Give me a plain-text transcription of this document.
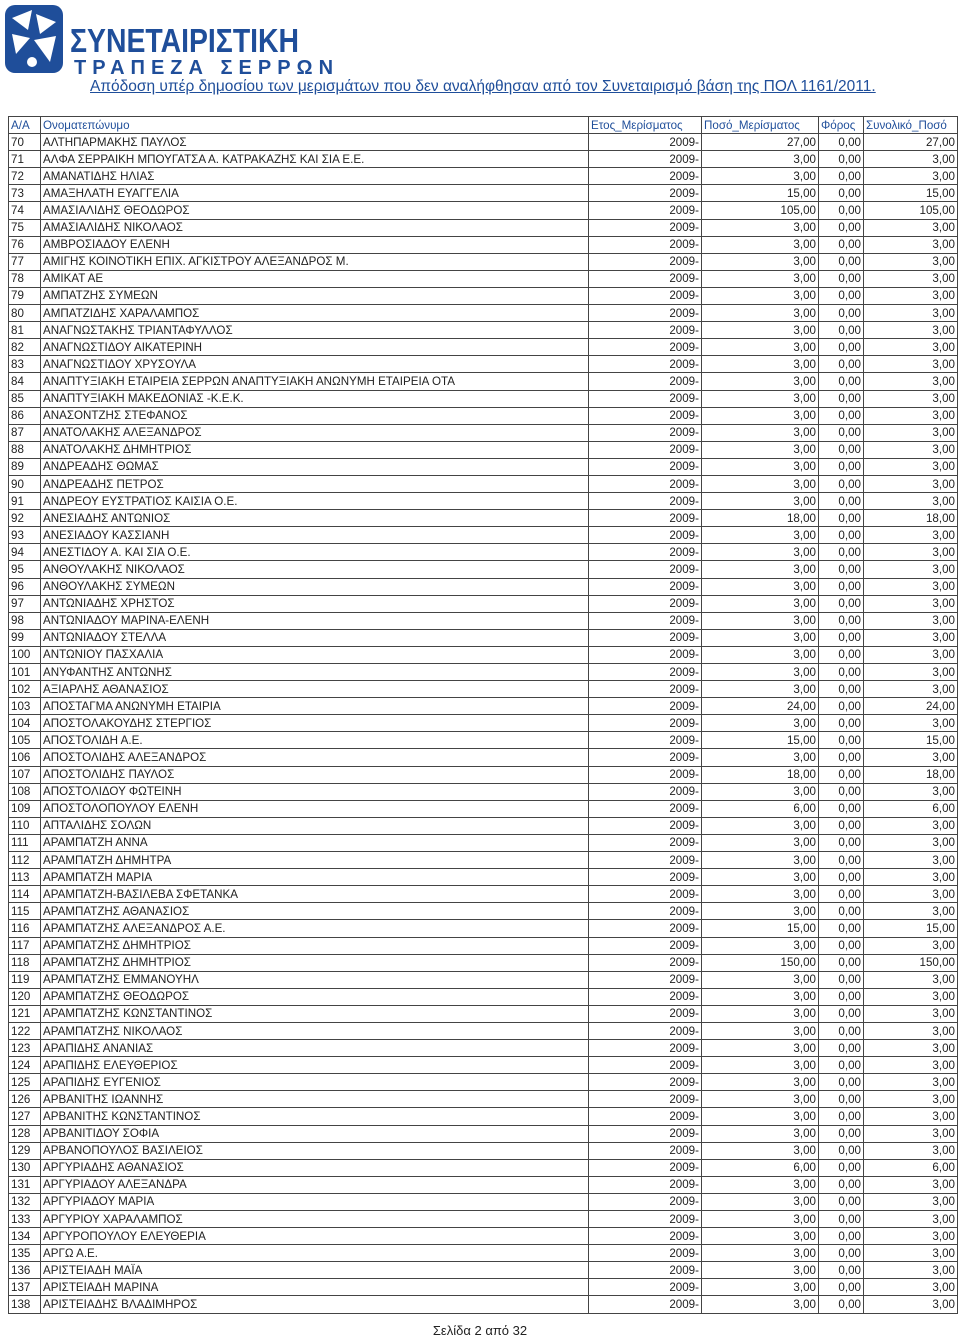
ΣΥΝΕΤΑΙΡΙΣΤΙΚΗ
ΤΡΑΠΕΖΑ ΣΕΡΡΩΝ
Απόδοση υπέρ δημοσίου των μερισμάτων που δεν αναλήφθησαν από τον Συνεταιρισμό βάση της ΠΟΛ 1161/2011.
Α/Α	Ονοματεπώνυμο	Ετος_Μερίσματος	Ποσό_Μερίσματος	Φόρος	Συνολικό_Ποσό
70	ΑΛΤΗΠΑΡΜΑΚΗΣ ΠΑΥΛΟΣ	2009-	27,00	0,00	27,00
71	ΑΛΦΑ ΣΕΡΡΑΙΚΗ ΜΠΟΥΓΑΤΣΑ Α. ΚΑΤΡΑΚΑΖΗΣ ΚΑΙ ΣΙΑ Ε.Ε.	2009-	3,00	0,00	3,00
72	ΑΜΑΝΑΤΙΔΗΣ ΗΛΙΑΣ	2009-	3,00	0,00	3,00
73	ΑΜΑΞΗΛΑΤΗ ΕΥΑΓΓΕΛΙΑ	2009-	15,00	0,00	15,00
74	ΑΜΑΣΙΑΛΙΔΗΣ ΘΕΟΔΩΡΟΣ	2009-	105,00	0,00	105,00
75	ΑΜΑΣΙΑΛΙΔΗΣ ΝΙΚΟΛΑΟΣ	2009-	3,00	0,00	3,00
76	ΑΜΒΡΟΣΙΑΔΟΥ ΕΛΕΝΗ	2009-	3,00	0,00	3,00
77	ΑΜΙΓΗΣ ΚΟΙΝΟΤΙΚΗ ΕΠΙΧ. ΑΓΚΙΣΤΡΟΥ ΑΛΕΞΑΝΔΡΟΣ Μ.	2009-	3,00	0,00	3,00
78	ΑΜΙΚΑΤ ΑΕ	2009-	3,00	0,00	3,00
79	ΑΜΠΑΤΖΗΣ ΣΥΜΕΩΝ	2009-	3,00	0,00	3,00
80	ΑΜΠΑΤΖΙΔΗΣ ΧΑΡΑΛΑΜΠΟΣ	2009-	3,00	0,00	3,00
81	ΑΝΑΓΝΩΣΤΑΚΗΣ ΤΡΙΑΝΤΑΦΥΛΛΟΣ	2009-	3,00	0,00	3,00
82	ΑΝΑΓΝΩΣΤΙΔΟΥ ΑΙΚΑΤΕΡΙΝΗ	2009-	3,00	0,00	3,00
83	ΑΝΑΓΝΩΣΤΙΔΟΥ ΧΡΥΣΟΥΛΑ	2009-	3,00	0,00	3,00
84	ΑΝΑΠΤΥΞΙΑΚΗ ΕΤΑΙΡΕΙΑ ΣΕΡΡΩΝ ΑΝΑΠΤΥΞΙΑΚΗ ΑΝΩΝΥΜΗ ΕΤΑΙΡΕΙΑ ΟΤΑ	2009-	3,00	0,00	3,00
85	ΑΝΑΠΤΥΞΙΑΚΗ ΜΑΚΕΔΟΝΙΑΣ -Κ.Ε.Κ.	2009-	3,00	0,00	3,00
86	ΑΝΑΣΟΝΤΖΗΣ ΣΤΕΦΑΝΟΣ	2009-	3,00	0,00	3,00
87	ΑΝΑΤΟΛΑΚΗΣ ΑΛΕΞΑΝΔΡΟΣ	2009-	3,00	0,00	3,00
88	ΑΝΑΤΟΛΑΚΗΣ ΔΗΜΗΤΡΙΟΣ	2009-	3,00	0,00	3,00
89	ΑΝΔΡΕΑΔΗΣ ΘΩΜΑΣ	2009-	3,00	0,00	3,00
90	ΑΝΔΡΕΑΔΗΣ ΠΕΤΡΟΣ	2009-	3,00	0,00	3,00
91	ΑΝΔΡΕΟΥ ΕΥΣΤΡΑΤΙΟΣ ΚΑΙΣΙΑ Ο.Ε.	2009-	3,00	0,00	3,00
92	ΑΝΕΣΙΑΔΗΣ ΑΝΤΩΝΙΟΣ	2009-	18,00	0,00	18,00
93	ΑΝΕΣΙΑΔΟΥ ΚΑΣΣΙΑΝΗ	2009-	3,00	0,00	3,00
94	ΑΝΕΣΤΙΔΟΥ Α. ΚΑΙ ΣΙΑ Ο.Ε.	2009-	3,00	0,00	3,00
95	ΑΝΘΟΥΛΑΚΗΣ ΝΙΚΟΛΑΟΣ	2009-	3,00	0,00	3,00
96	ΑΝΘΟΥΛΑΚΗΣ ΣΥΜΕΩΝ	2009-	3,00	0,00	3,00
97	ΑΝΤΩΝΙΑΔΗΣ ΧΡΗΣΤΟΣ	2009-	3,00	0,00	3,00
98	ΑΝΤΩΝΙΑΔΟΥ ΜΑΡΙΝΑ-ΕΛΕΝΗ	2009-	3,00	0,00	3,00
99	ΑΝΤΩΝΙΑΔΟΥ ΣΤΕΛΛΑ	2009-	3,00	0,00	3,00
100	ΑΝΤΩΝΙΟΥ ΠΑΣΧΑΛΙΑ	2009-	3,00	0,00	3,00
101	ΑΝΥΦΑΝΤΗΣ ΑΝΤΩΝΗΣ	2009-	3,00	0,00	3,00
102	ΑΞΙΑΡΛΗΣ ΑΘΑΝΑΣΙΟΣ	2009-	3,00	0,00	3,00
103	ΑΠΟΣΤΑΓΜΑ ΑΝΩΝΥΜΗ ΕΤΑΙΡΙΑ	2009-	24,00	0,00	24,00
104	ΑΠΟΣΤΟΛΑΚΟΥΔΗΣ ΣΤΕΡΓΙΟΣ	2009-	3,00	0,00	3,00
105	ΑΠΟΣΤΟΛΙΔΗ Α.Ε.	2009-	15,00	0,00	15,00
106	ΑΠΟΣΤΟΛΙΔΗΣ ΑΛΕΞΑΝΔΡΟΣ	2009-	3,00	0,00	3,00
107	ΑΠΟΣΤΟΛΙΔΗΣ ΠΑΥΛΟΣ	2009-	18,00	0,00	18,00
108	ΑΠΟΣΤΟΛΙΔΟΥ ΦΩΤΕΙΝΗ	2009-	3,00	0,00	3,00
109	ΑΠΟΣΤΟΛΟΠΟΥΛΟΥ ΕΛΕΝΗ	2009-	6,00	0,00	6,00
110	ΑΠΤΑΛΙΔΗΣ ΣΟΛΩΝ	2009-	3,00	0,00	3,00
111	ΑΡΑΜΠΑΤΖΗ ΑΝΝΑ	2009-	3,00	0,00	3,00
112	ΑΡΑΜΠΑΤΖΗ ΔΗΜΗΤΡΑ	2009-	3,00	0,00	3,00
113	ΑΡΑΜΠΑΤΖΗ ΜΑΡΙΑ	2009-	3,00	0,00	3,00
114	ΑΡΑΜΠΑΤΖΗ-ΒΑΣΙΛΕΒΑ ΣΦΕΤΑΝΚΑ	2009-	3,00	0,00	3,00
115	ΑΡΑΜΠΑΤΖΗΣ ΑΘΑΝΑΣΙΟΣ	2009-	3,00	0,00	3,00
116	ΑΡΑΜΠΑΤΖΗΣ ΑΛΕΞΑΝΔΡΟΣ Α.Ε.	2009-	15,00	0,00	15,00
117	ΑΡΑΜΠΑΤΖΗΣ ΔΗΜΗΤΡΙΟΣ	2009-	3,00	0,00	3,00
118	ΑΡΑΜΠΑΤΖΗΣ ΔΗΜΗΤΡΙΟΣ	2009-	150,00	0,00	150,00
119	ΑΡΑΜΠΑΤΖΗΣ ΕΜΜΑΝΟΥΗΛ	2009-	3,00	0,00	3,00
120	ΑΡΑΜΠΑΤΖΗΣ ΘΕΟΔΩΡΟΣ	2009-	3,00	0,00	3,00
121	ΑΡΑΜΠΑΤΖΗΣ ΚΩΝΣΤΑΝΤΙΝΟΣ	2009-	3,00	0,00	3,00
122	ΑΡΑΜΠΑΤΖΗΣ ΝΙΚΟΛΑΟΣ	2009-	3,00	0,00	3,00
123	ΑΡΑΠΙΔΗΣ ΑΝΑΝΙΑΣ	2009-	3,00	0,00	3,00
124	ΑΡΑΠΙΔΗΣ ΕΛΕΥΘΕΡΙΟΣ	2009-	3,00	0,00	3,00
125	ΑΡΑΠΙΔΗΣ ΕΥΓΕΝΙΟΣ	2009-	3,00	0,00	3,00
126	ΑΡΒΑΝΙΤΗΣ ΙΩΑΝΝΗΣ	2009-	3,00	0,00	3,00
127	ΑΡΒΑΝΙΤΗΣ ΚΩΝΣΤΑΝΤΙΝΟΣ	2009-	3,00	0,00	3,00
128	ΑΡΒΑΝΙΤΙΔΟΥ ΣΟΦΙΑ	2009-	3,00	0,00	3,00
129	ΑΡΒΑΝΟΠΟΥΛΟΣ ΒΑΣΙΛΕΙΟΣ	2009-	3,00	0,00	3,00
130	ΑΡΓΥΡΙΑΔΗΣ ΑΘΑΝΑΣΙΟΣ	2009-	6,00	0,00	6,00
131	ΑΡΓΥΡΙΑΔΟΥ ΑΛΕΞΑΝΔΡΑ	2009-	3,00	0,00	3,00
132	ΑΡΓΥΡΙΑΔΟΥ ΜΑΡΙΑ	2009-	3,00	0,00	3,00
133	ΑΡΓΥΡΙΟΥ ΧΑΡΑΛΑΜΠΟΣ	2009-	3,00	0,00	3,00
134	ΑΡΓΥΡΟΠΟΥΛΟΥ ΕΛΕΥΘΕΡΙΑ	2009-	3,00	0,00	3,00
135	ΑΡΓΩ Α.Ε.	2009-	3,00	0,00	3,00
136	ΑΡΙΣΤΕΙΑΔΗ ΜΑΪΑ	2009-	3,00	0,00	3,00
137	ΑΡΙΣΤΕΙΑΔΗ ΜΑΡΙΝΑ	2009-	3,00	0,00	3,00
138	ΑΡΙΣΤΕΙΑΔΗΣ ΒΛΑΔΙΜΗΡΟΣ	2009-	3,00	0,00	3,00
Σελίδα 2 από 32
